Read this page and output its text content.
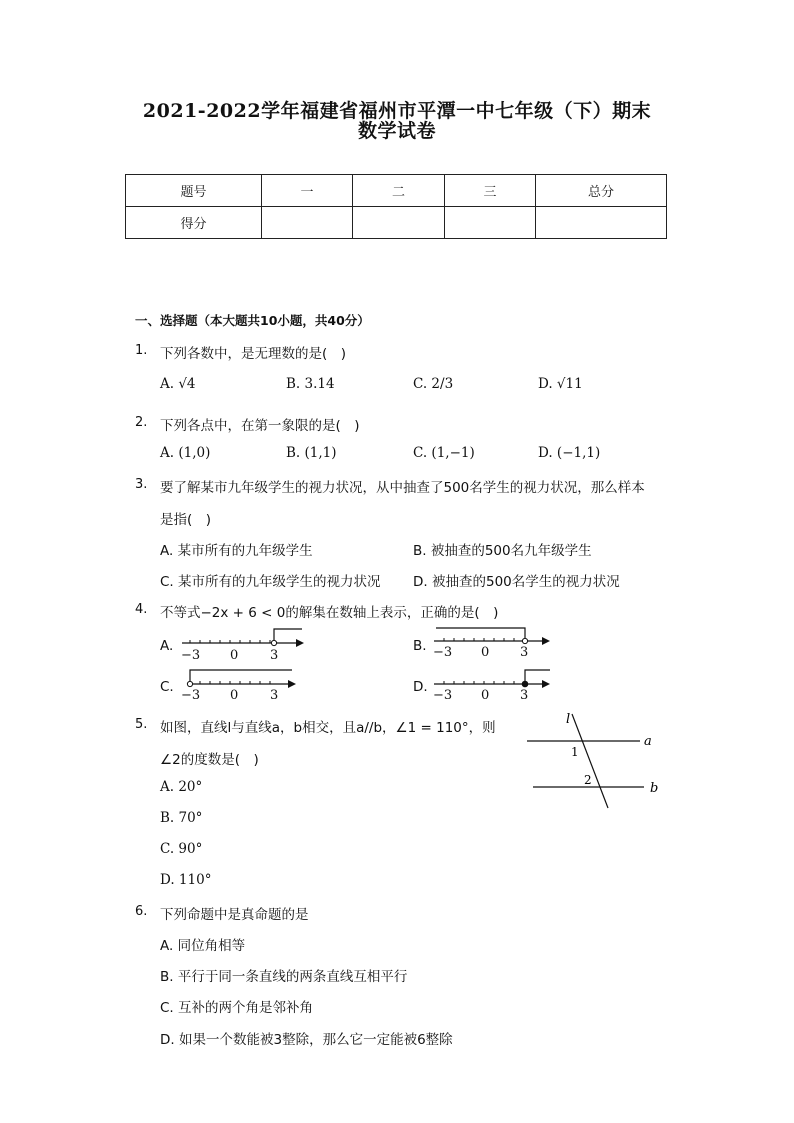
2021-2022学年福建省福州市平潭一中七年级（下）期末
数学试卷
题号	一	二	三	总分
得分				
一、选择题（本大题共10小题，共40分）
1. 下列各数中，是无理数的是(　)
A. √4	B. 3.14	C. 2/3	D. √11
2. 下列各点中，在第一象限的是(　)
A. (1,0)	B. (1,1)	C. (1,−1)	D. (−1,1)
3. 要了解某市九年级学生的视力状况，从中抽查了500名学生的视力状况，那么样本
是指(　)
A. 某市所有的九年级学生	B. 被抽查的500名九年级学生
C. 某市所有的九年级学生的视力状况 D. 被抽查的500名学生的视力状况
4. 不等式−2x + 6 < 0的解集在数轴上表示，正确的是(　)
A.
−3 0 3
B. −3 0 3
C.
−3 0 3
D.
−3 0 3
5. 如图，直线l与直线a，b相交，且a//b，∠1 = 110°，则
∠2的度数是(　)
A. 20°
B. 70°
C. 90°
D. 110°
l
a
b
1
2
6. 下列命题中是真命题的是
A. 同位角相等
B. 平行于同一条直线的两条直线互相平行
C. 互补的两个角是邻补角
D. 如果一个数能被3整除，那么它一定能被6整除
